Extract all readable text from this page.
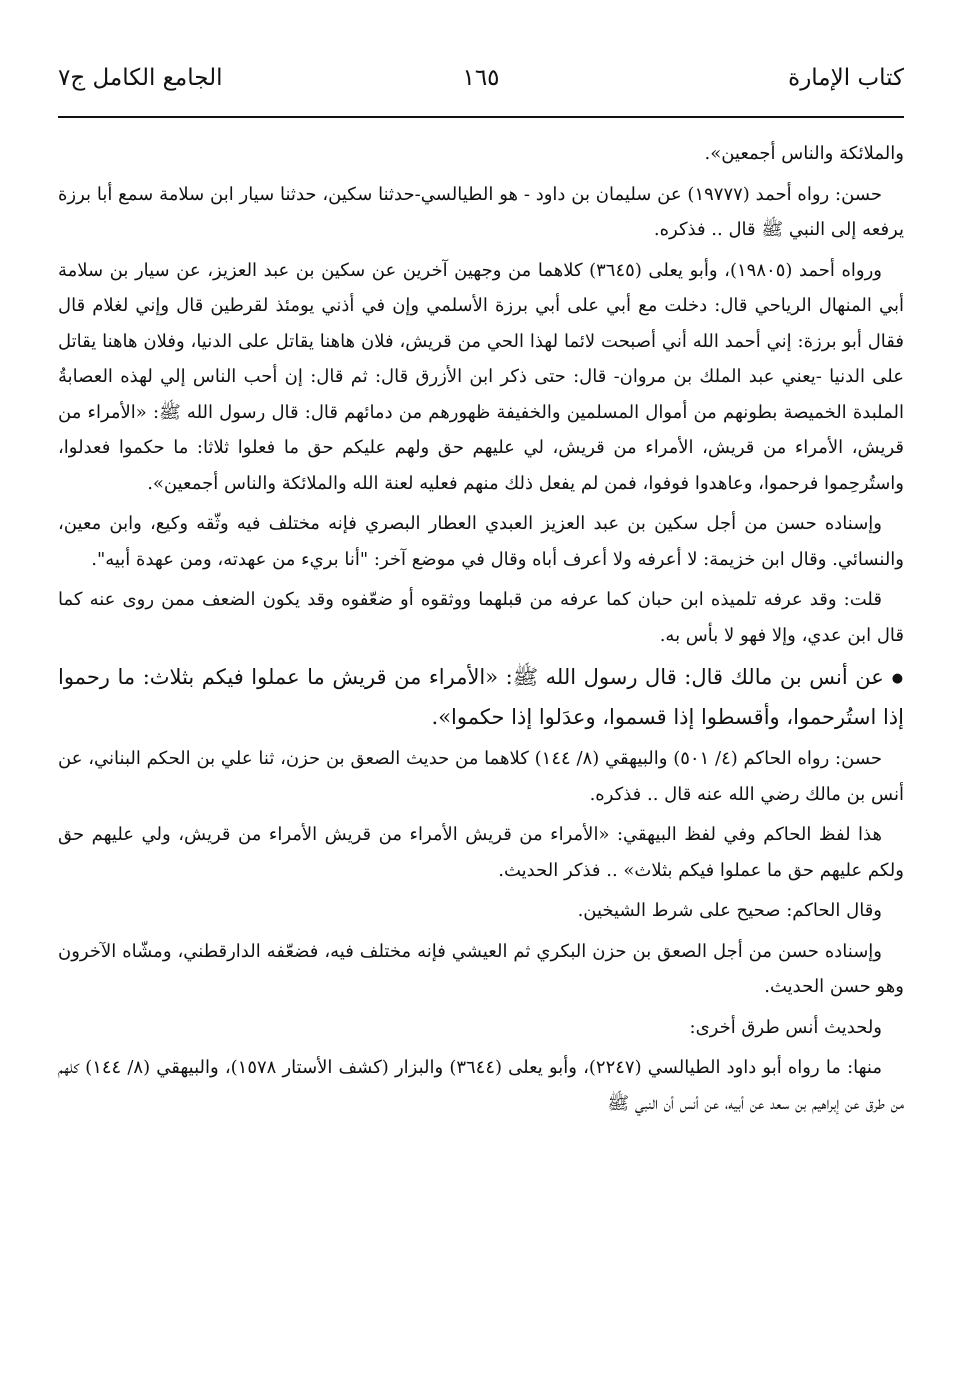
كتاب الإمارة
١٦٥
الجامع الكامل ج٧

والملائكة والناس أجمعين».

حسن: رواه أحمد (١٩٧٧٧) عن سليمان بن داود - هو الطيالسي-حدثنا سكين، حدثنا سيار ابن سلامة سمع أبا برزة يرفعه إلى النبي ﷺ قال .. فذكره.

ورواه أحمد (١٩٨٠٥)، وأبو يعلى (٣٦٤٥) كلاهما من وجهين آخرين عن سكين بن عبد العزيز، عن سيار بن سلامة أبي المنهال الرياحي قال: دخلت مع أبي على أبي برزة الأسلمي وإن في أذني يومئذ لقرطين قال وإني لغلام قال فقال أبو برزة: إني أحمد الله أني أصبحت لائما لهذا الحي من قريش، فلان هاهنا يقاتل على الدنيا، وفلان هاهنا يقاتل على الدنيا -يعني عبد الملك بن مروان- قال: حتى ذكر ابن الأزرق قال: ثم قال: إن أحب الناس إلي لهذه العصابةُ الملبدة الخميصة بطونهم من أموال المسلمين والخفيفة ظهورهم من دمائهم قال: قال رسول الله ﷺ: «الأمراء من قريش، الأمراء من قريش، الأمراء من قريش، لي عليهم حق ولهم عليكم حق ما فعلوا ثلاثا: ما حكموا فعدلوا، واستُرحِموا فرحموا، وعاهدوا فوفوا، فمن لم يفعل ذلك منهم فعليه لعنة الله والملائكة والناس أجمعين».

وإسناده حسن من أجل سكين بن عبد العزيز العبدي العطار البصري فإنه مختلف فيه وثّقه وكيع، وابن معين، والنسائي. وقال ابن خزيمة: لا أعرفه ولا أعرف أباه وقال في موضع آخر: "أنا بريء من عهدته، ومن عهدة أبيه".

قلت: وقد عرفه تلميذه ابن حبان كما عرفه من قبلهما ووثقوه أو ضعّفوه وقد يكون الضعف ممن روى عنه كما قال ابن عدي، وإلا فهو لا بأس به.

● عن أنس بن مالك قال: قال رسول الله ﷺ: «الأمراء من قريش ما عملوا فيكم بثلاث: ما رحموا إذا استُرحموا، وأقسطوا إذا قسموا، وعدَلوا إذا حكموا».

حسن: رواه الحاكم (٤/ ٥٠١) والبيهقي (٨/ ١٤٤) كلاهما من حديث الصعق بن حزن، ثنا علي بن الحكم البناني، عن أنس بن مالك رضي الله عنه قال .. فذكره.

هذا لفظ الحاكم وفي لفظ البيهقي: «الأمراء من قريش الأمراء من قريش الأمراء من قريش، ولي عليهم حق ولكم عليهم حق ما عملوا فيكم بثلاث» .. فذكر الحديث.

وقال الحاكم: صحيح على شرط الشيخين.

وإسناده حسن من أجل الصعق بن حزن البكري ثم العيشي فإنه مختلف فيه، فضعّفه الدارقطني، ومشّاه الآخرون وهو حسن الحديث.

ولحديث أنس طرق أخرى:

منها: ما رواه أبو داود الطيالسي (٢٢٤٧)، وأبو يعلى (٣٦٤٤) والبزار (كشف الأستار ١٥٧٨)، والبيهقي (٨/ ١٤٤) كلهم من طرق عن إبراهيم بن سعد عن أبيه، عن أنس أن النبي ﷺ
